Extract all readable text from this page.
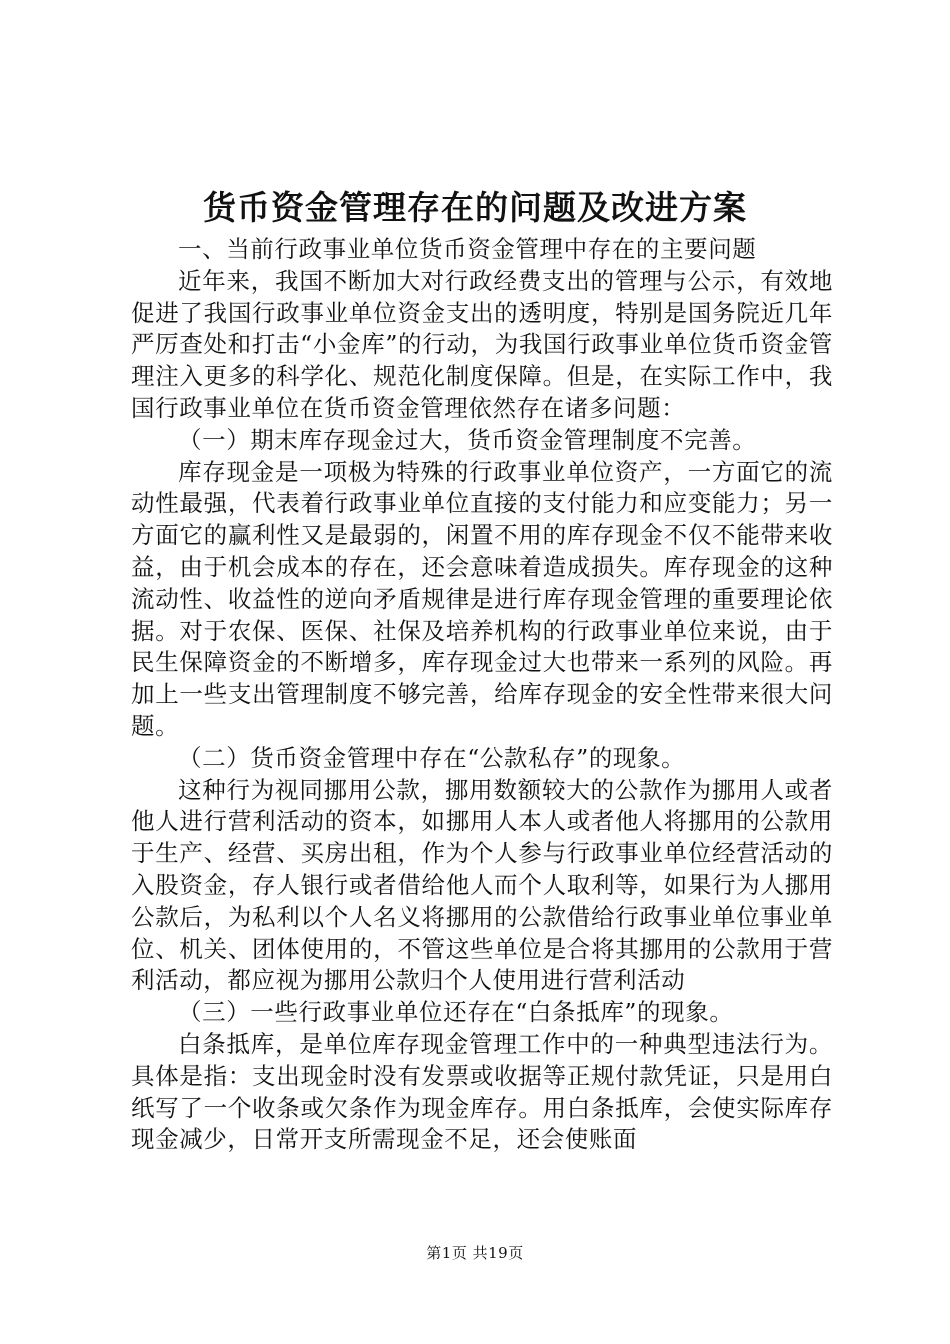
货币资金管理存在的问题及改进方案

一、当前行政事业单位货币资金管理中存在的主要问题

近年来，我国不断加大对行政经费支出的管理与公示，有效地促进了我国行政事业单位资金支出的透明度，特别是国务院近几年严厉查处和打击“小金库”的行动，为我国行政事业单位货币资金管理注入更多的科学化、规范化制度保障。但是，在实际工作中，我国行政事业单位在货币资金管理依然存在诸多问题：

（一）期末库存现金过大，货币资金管理制度不完善。

库存现金是一项极为特殊的行政事业单位资产，一方面它的流动性最强，代表着行政事业单位直接的支付能力和应变能力；另一方面它的赢利性又是最弱的，闲置不用的库存现金不仅不能带来收益，由于机会成本的存在，还会意味着造成损失。库存现金的这种流动性、收益性的逆向矛盾规律是进行库存现金管理的重要理论依据。对于农保、医保、社保及培养机构的行政事业单位来说，由于民生保障资金的不断增多，库存现金过大也带来一系列的风险。再加上一些支出管理制度不够完善，给库存现金的安全性带来很大问题。

（二）货币资金管理中存在“公款私存”的现象。

这种行为视同挪用公款，挪用数额较大的公款作为挪用人或者他人进行营利活动的资本，如挪用人本人或者他人将挪用的公款用于生产、经营、买房出租，作为个人参与行政事业单位经营活动的入股资金，存人银行或者借给他人而个人取利等，如果行为人挪用公款后，为私利以个人名义将挪用的公款借给行政事业单位事业单位、机关、团体使用的，不管这些单位是合将其挪用的公款用于营利活动，都应视为挪用公款归个人使用进行营利活动

（三）一些行政事业单位还存在“白条抵库”的现象。

白条抵库，是单位库存现金管理工作中的一种典型违法行为。具体是指：支出现金时没有发票或收据等正规付款凭证，只是用白纸写了一个收条或欠条作为现金库存。用白条抵库，会使实际库存现金减少，日常开支所需现金不足，还会使账面

第1页 共19页
